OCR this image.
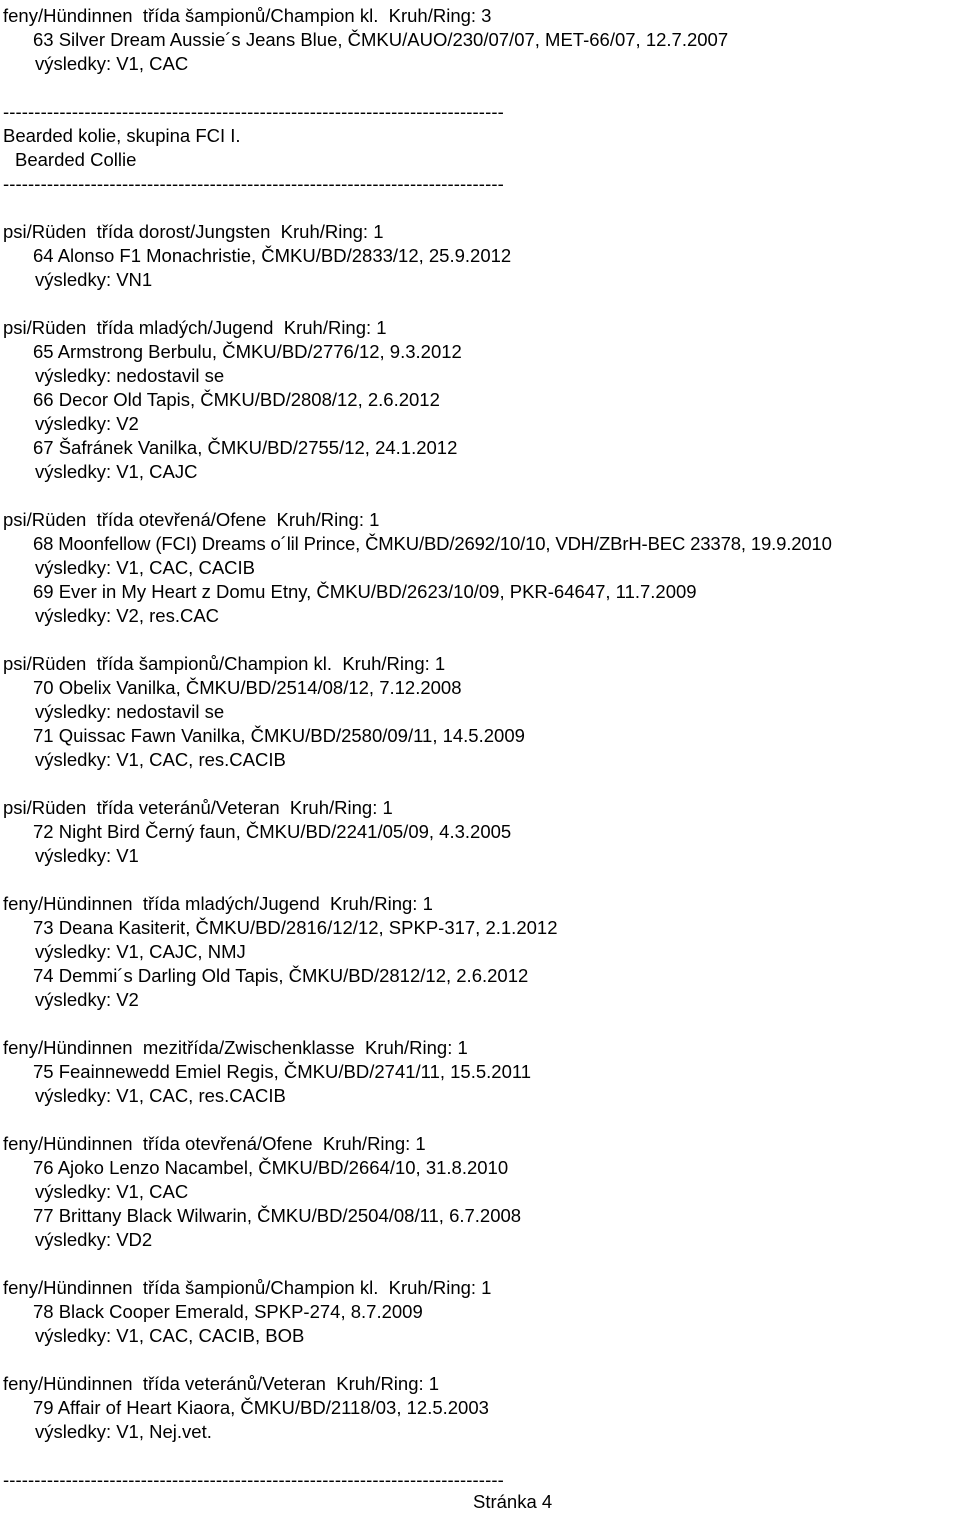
feny/Hündinnen  třída šampionů/Champion kl.  Kruh/Ring: 3
63 Silver Dream Aussie´s Jeans Blue, ČMKU/AUO/230/07/07, MET-66/07, 12.7.2007
výsledky: V1, CAC
--------------------------------------------------------------------------------
Bearded kolie, skupina FCI I.
Bearded Collie
--------------------------------------------------------------------------------
psi/Rüden  třída dorost/Jungsten  Kruh/Ring: 1
64 Alonso F1 Monachristie, ČMKU/BD/2833/12, 25.9.2012
výsledky: VN1
psi/Rüden  třída mladých/Jugend  Kruh/Ring: 1
65 Armstrong Berbulu, ČMKU/BD/2776/12, 9.3.2012
výsledky: nedostavil se
66 Decor Old Tapis, ČMKU/BD/2808/12, 2.6.2012
výsledky: V2
67 Šafránek Vanilka, ČMKU/BD/2755/12, 24.1.2012
výsledky: V1, CAJC
psi/Rüden  třída otevřená/Ofene  Kruh/Ring: 1
68 Moonfellow (FCI) Dreams o´lil Prince, ČMKU/BD/2692/10/10, VDH/ZBrH-BEC 23378, 19.9.2010
výsledky: V1, CAC, CACIB
69 Ever in My Heart z Domu Etny, ČMKU/BD/2623/10/09, PKR-64647, 11.7.2009
výsledky: V2, res.CAC
psi/Rüden  třída šampionů/Champion kl.  Kruh/Ring: 1
70 Obelix Vanilka, ČMKU/BD/2514/08/12, 7.12.2008
výsledky: nedostavil se
71 Quissac Fawn Vanilka, ČMKU/BD/2580/09/11, 14.5.2009
výsledky: V1, CAC, res.CACIB
psi/Rüden  třída veteránů/Veteran  Kruh/Ring: 1
72 Night Bird Černý faun, ČMKU/BD/2241/05/09, 4.3.2005
výsledky: V1
feny/Hündinnen  třída mladých/Jugend  Kruh/Ring: 1
73 Deana Kasiterit, ČMKU/BD/2816/12/12, SPKP-317, 2.1.2012
výsledky: V1, CAJC, NMJ
74 Demmi´s Darling Old Tapis, ČMKU/BD/2812/12, 2.6.2012
výsledky: V2
feny/Hündinnen  mezitřída/Zwischenklasse  Kruh/Ring: 1
75 Feainnewedd Emiel Regis, ČMKU/BD/2741/11, 15.5.2011
výsledky: V1, CAC, res.CACIB
feny/Hündinnen  třída otevřená/Ofene  Kruh/Ring: 1
76 Ajoko Lenzo Nacambel, ČMKU/BD/2664/10, 31.8.2010
výsledky: V1, CAC
77 Brittany Black Wilwarin, ČMKU/BD/2504/08/11, 6.7.2008
výsledky: VD2
feny/Hündinnen  třída šampionů/Champion kl.  Kruh/Ring: 1
78 Black Cooper Emerald, SPKP-274, 8.7.2009
výsledky: V1, CAC, CACIB, BOB
feny/Hündinnen  třída veteránů/Veteran  Kruh/Ring: 1
79 Affair of Heart Kiaora, ČMKU/BD/2118/03, 12.5.2003
výsledky: V1, Nej.vet.
--------------------------------------------------------------------------------
Stránka 4
